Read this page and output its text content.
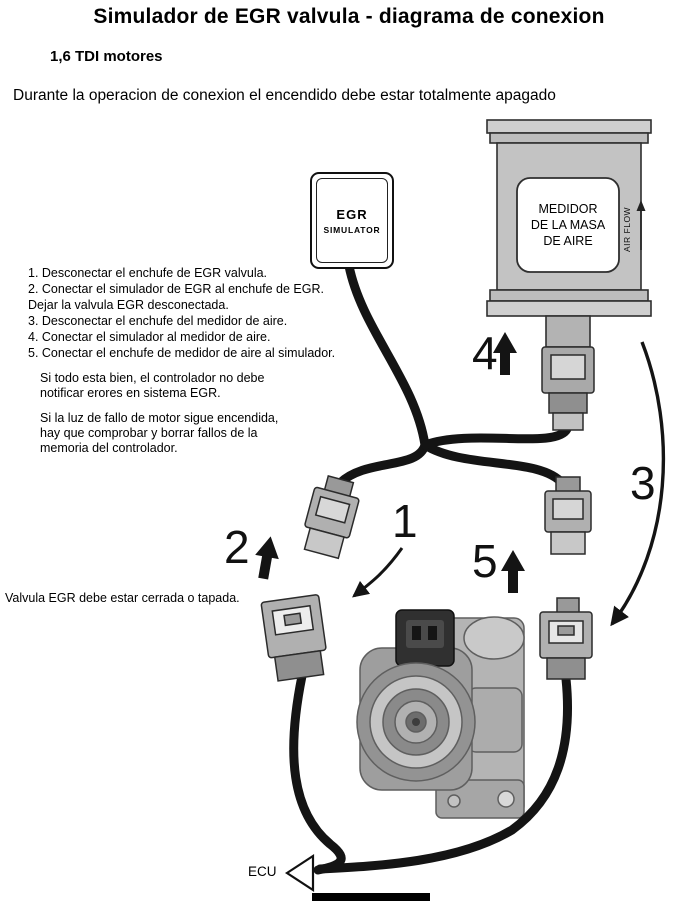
AIR FLOW
Simulador de EGR valvula - diagrama de conexion
1,6 TDI motores
Durante la operacion de conexion el encendido debe estar totalmente apagado
EGR
SIMULATOR
MEDIDOR
DE LA MASA
DE AIRE
1. Desconectar el enchufe de EGR valvula.
2. Conectar el simulador de EGR al enchufe de EGR.
Dejar la valvula EGR desconectada.
3. Desconectar el enchufe del medidor de aire.
4. Conectar el simulador al medidor de aire.
5. Conectar el enchufe de medidor de aire al simulador.
Si todo esta bien, el controlador no debe notificar erores en sistema EGR.
Si la luz de fallo de motor sigue encendida, hay que comprobar y borrar fallos de la memoria del controlador.
Valvula EGR debe estar cerrada o tapada.
1
2
3
4
5
ECU
